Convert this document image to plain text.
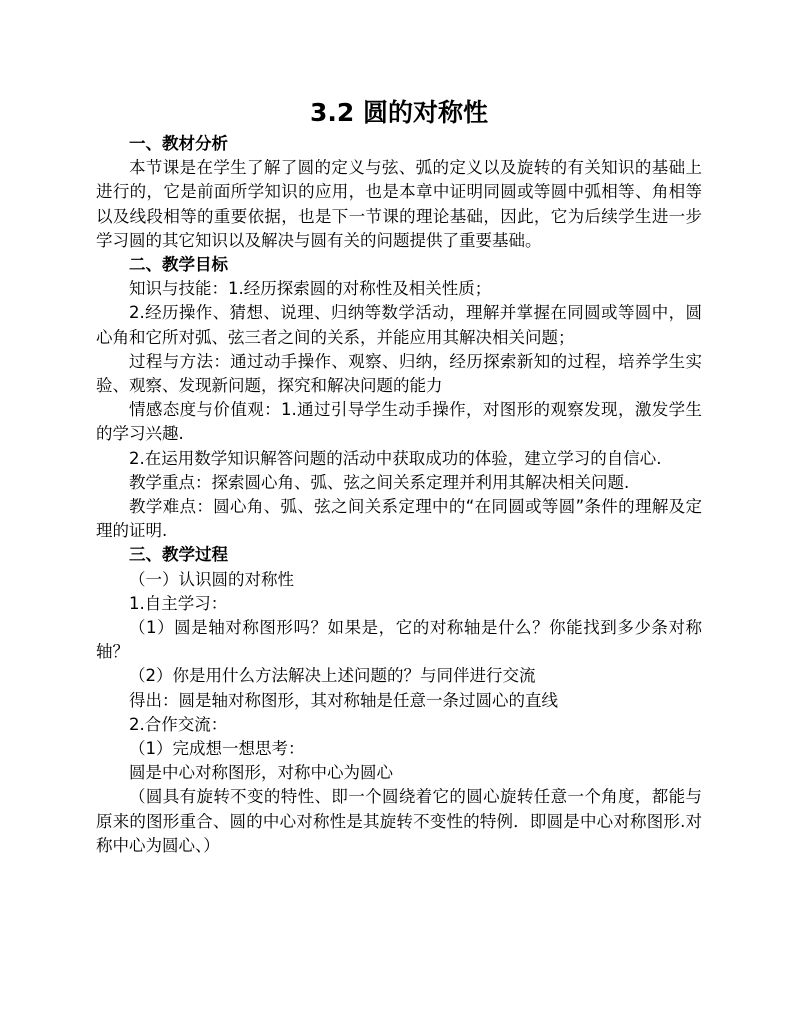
3.2 圆的对称性

一、教材分析

本节课是在学生了解了圆的定义与弦、弧的定义以及旋转的有关知识的基础上进行的，它是前面所学知识的应用，也是本章中证明同圆或等圆中弧相等、角相等以及线段相等的重要依据，也是下一节课的理论基础，因此，它为后续学生进一步学习圆的其它知识以及解决与圆有关的问题提供了重要基础。

二、教学目标

知识与技能：1.经历探索圆的对称性及相关性质；

2.经历操作、猜想、说理、归纳等数学活动，理解并掌握在同圆或等圆中，圆心角和它所对弧、弦三者之间的关系，并能应用其解决相关问题；

过程与方法：通过动手操作、观察、归纳，经历探索新知的过程，培养学生实验、观察、发现新问题，探究和解决问题的能力

情感态度与价值观：1.通过引导学生动手操作，对图形的观察发现，激发学生的学习兴趣.

2.在运用数学知识解答问题的活动中获取成功的体验，建立学习的自信心.

教学重点：探索圆心角、弧、弦之间关系定理并利用其解决相关问题.

教学难点：圆心角、弧、弦之间关系定理中的“在同圆或等圆”条件的理解及定理的证明.

三、教学过程

（一）认识圆的对称性

1.自主学习：

（1）圆是轴对称图形吗？如果是，它的对称轴是什么？你能找到多少条对称轴？

（2）你是用什么方法解决上述问题的？与同伴进行交流

得出：圆是轴对称图形，其对称轴是任意一条过圆心的直线

2.合作交流：

（1）完成想一想思考：

圆是中心对称图形，对称中心为圆心

（圆具有旋转不变的特性、即一个圆绕着它的圆心旋转任意一个角度，都能与原来的图形重合、圆的中心对称性是其旋转不变性的特例．即圆是中心对称图形.对称中心为圆心、）
